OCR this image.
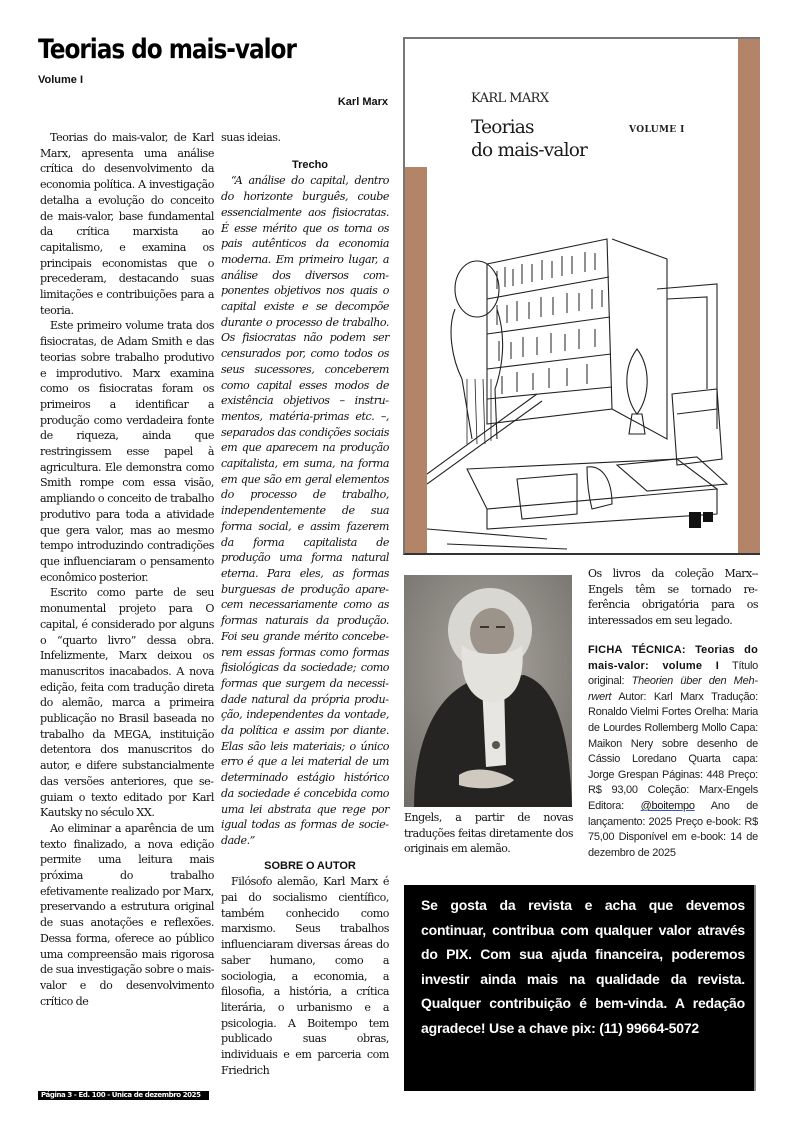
Teorias do mais-valor
Volume I
Karl Marx

Teorias do mais-valor, de Karl Marx, apresenta uma análise crítica do desenvolvimento da economia política. A investigação detalha a evolução do conceito de mais-valor, base fundamental da crítica marxista ao capitalismo, e examina os principais economistas que o precederam, destacando suas limitações e contribuições para a teoria.

Este primeiro volume trata dos fisiocratas, de Adam Smith e das teorias sobre trabalho produtivo e improdutivo. Marx examina como os fisiocratas foram os primeiros a identificar a produção como verdadeira fonte de riqueza, ainda que restringissem esse papel à agricultura. Ele demonstra como Smith rompe com essa visão, ampliando o conceito de trabalho produtivo para toda a atividade que gera valor, mas ao mesmo tempo introduzindo contradições que influenciaram o pensamento econômico posterior.

Escrito como parte de seu monumental projeto para O capital, é considerado por alguns o “quarto livro” dessa obra. Infelizmente, Marx deixou os manuscritos inacabados. A nova edição, feita com tradução direta do alemão, marca a primeira publicação no Brasil baseada no trabalho da MEGA, instituição detentora dos manuscritos do autor, e difere substancialmente das versões anteriores, que seguiam o texto editado por Karl Kautsky no século XX.

Ao eliminar a aparência de um texto finalizado, a nova edição permite uma leitura mais próxima do trabalho efetivamente realizado por Marx, preservando a estrutura original de suas anotações e reflexões. Dessa forma, oferece ao público uma compreensão mais rigorosa de sua investigação sobre o mais-valor e do desenvolvimento crítico de

suas ideias.

Trecho

“A análise do capital, dentro do horizonte burguês, coube essencialmente aos fisiocratas. É esse mérito que os torna os pais autênticos da economia moderna. Em primeiro lugar, a análise dos diversos componentes objetivos nos quais o capital existe e se decompõe durante o processo de trabalho. Os fisiocratas não podem ser censurados por, como todos os seus sucessores, conceberem como capital esses modos de existência objetivos – instrumentos, matéria-primas etc. –, separados das condições sociais em que aparecem na produção capitalista, em suma, na forma em que são em geral elementos do processo de trabalho, independentemente de sua forma social, e assim fazerem da forma capitalista de produção uma forma natural eterna. Para eles, as formas burguesas de produção aparecem necessariamente como as formas naturais da produção. Foi seu grande mérito conceberem essas formas como formas fisiológicas da sociedade; como formas que surgem da necessidade natural da própria produção, independentes da vontade, da política e assim por diante. Elas são leis materiais; o único erro é que a lei material de um determinado estágio histórico da sociedade é concebida como uma lei abstrata que rege por igual todas as formas de sociedade.”

SOBRE O AUTOR

Filósofo alemão, Karl Marx é pai do socialismo científico, também conhecido como marxismo. Seus trabalhos influenciaram diversas áreas do saber humano, como a sociologia, a economia, a filosofia, a história, a crítica literária, o urbanismo e a psicologia. A Boitempo tem publicado suas obras, individuais e em parceria com Friedrich

Página 3 - Ed. 100 - Única de dezembro 2025
KARL MARX
Teorias
do mais-valor
VOLUME I
Os livros da coleção Marx--Engels têm se tornado referência obrigatória para os interessados em seu legado.
Engels, a partir de novas traduções feitas diretamente dos originais em alemão.
FICHA TÉCNICA: Teorias do mais-valor: volume I Título original: Theorien über den Mehrwert Autor: Karl Marx Tradução: Ronaldo Vielmi Fortes Orelha: Maria de Lourdes Rollemberg Mollo Capa: Maikon Nery sobre desenho de Cássio Loredano Quarta capa: Jorge Grespan Páginas: 448 Preço: R$ 93,00 Coleção: Marx-Engels Editora: @boitempo Ano de lançamento: 2025 Preço e-book: R$ 75,00 Disponível em e-book: 14 de dezembro de 2025
Se gosta da revista e acha que devemos continuar, contribua com qualquer valor através do PIX. Com sua ajuda financeira, poderemos investir ainda mais na qualidade da revista. Qualquer contribuição é bem-vinda. A redação agradece! Use a chave pix: (11) 99664-5072
